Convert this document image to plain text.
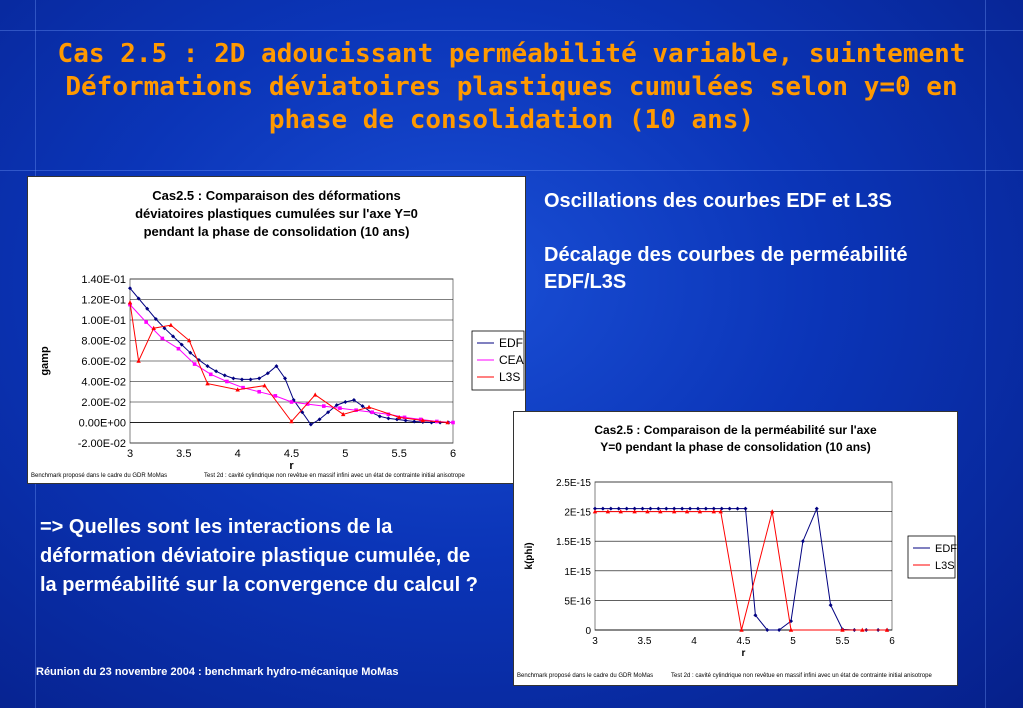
Cas 2.5 : 2D adoucissant perméabilité variable, suintement
Déformations déviatoires plastiques cumulées selon y=0 en
phase de consolidation (10 ans)
Cas2.5 : Comparaison des déformations
déviatoires plastiques cumulées sur l'axe Y=0
pendant la phase de consolidation (10 ans)
1.40E-01
1.20E-01
1.00E-01
8.00E-02
6.00E-02
4.00E-02
2.00E-02
0.00E+00
-2.00E-02
3	3.5	4	4.5	5	5.5	6
r
gamp
EDF
CEA
L3S
Benchmark proposé dans le cadre du GDR MoMas	Test 2d : cavité cylindrique non revêtue en massif infini avec un état de contrainte initial anisotrope
Cas2.5 : Comparaison de la perméabilité sur l'axe
Y=0 pendant la phase de consolidation (10 ans)
2.5E-15
2E-15
1.5E-15
1E-15
5E-16
0
3	3.5	4	4.5	5	5.5	6
r
k(phi)	EDF
L3S
Benchmark proposé dans le cadre du GDR MoMas	Test 2d : cavité cylindrique non revêtue en massif infini avec un état de contrainte initial anisotrope

Oscillations des courbes EDF et L3S

Décalage des courbes de perméabilité EDF/L3S

=> Quelles sont les interactions de la déformation déviatoire plastique cumulée, de la perméabilité sur la convergence du calcul ?
Réunion du 23 novembre 2004 : benchmark hydro-mécanique MoMas
